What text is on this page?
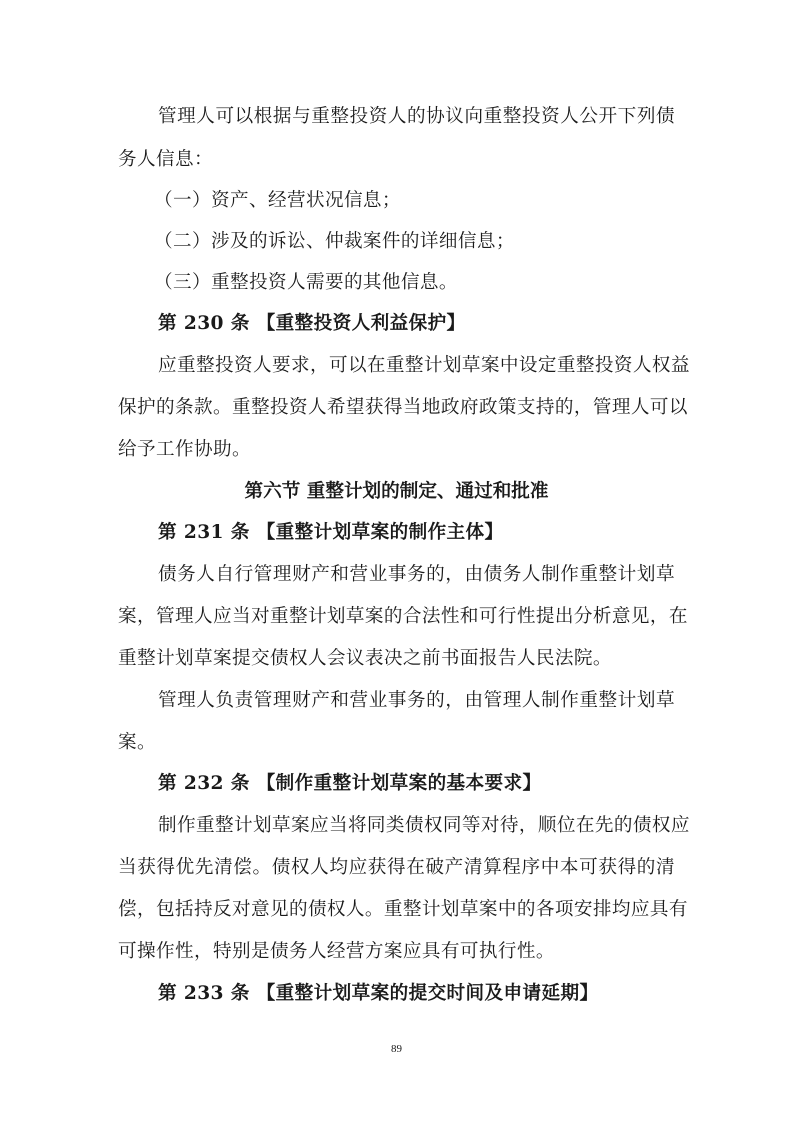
管理人可以根据与重整投资人的协议向重整投资人公开下列债
务人信息：
（一）资产、经营状况信息；
（二）涉及的诉讼、仲裁案件的详细信息；
（三）重整投资人需要的其他信息。
第 230 条 【重整投资人利益保护】
应重整投资人要求，可以在重整计划草案中设定重整投资人权益
保护的条款。重整投资人希望获得当地政府政策支持的，管理人可以
给予工作协助。
第六节 重整计划的制定、通过和批准
第 231 条 【重整计划草案的制作主体】
债务人自行管理财产和营业事务的，由债务人制作重整计划草
案，管理人应当对重整计划草案的合法性和可行性提出分析意见，在
重整计划草案提交债权人会议表决之前书面报告人民法院。
管理人负责管理财产和营业事务的，由管理人制作重整计划草
案。
第 232 条 【制作重整计划草案的基本要求】
制作重整计划草案应当将同类债权同等对待，顺位在先的债权应
当获得优先清偿。债权人均应获得在破产清算程序中本可获得的清
偿，包括持反对意见的债权人。重整计划草案中的各项安排均应具有
可操作性，特别是债务人经营方案应具有可执行性。
第 233 条 【重整计划草案的提交时间及申请延期】
89
